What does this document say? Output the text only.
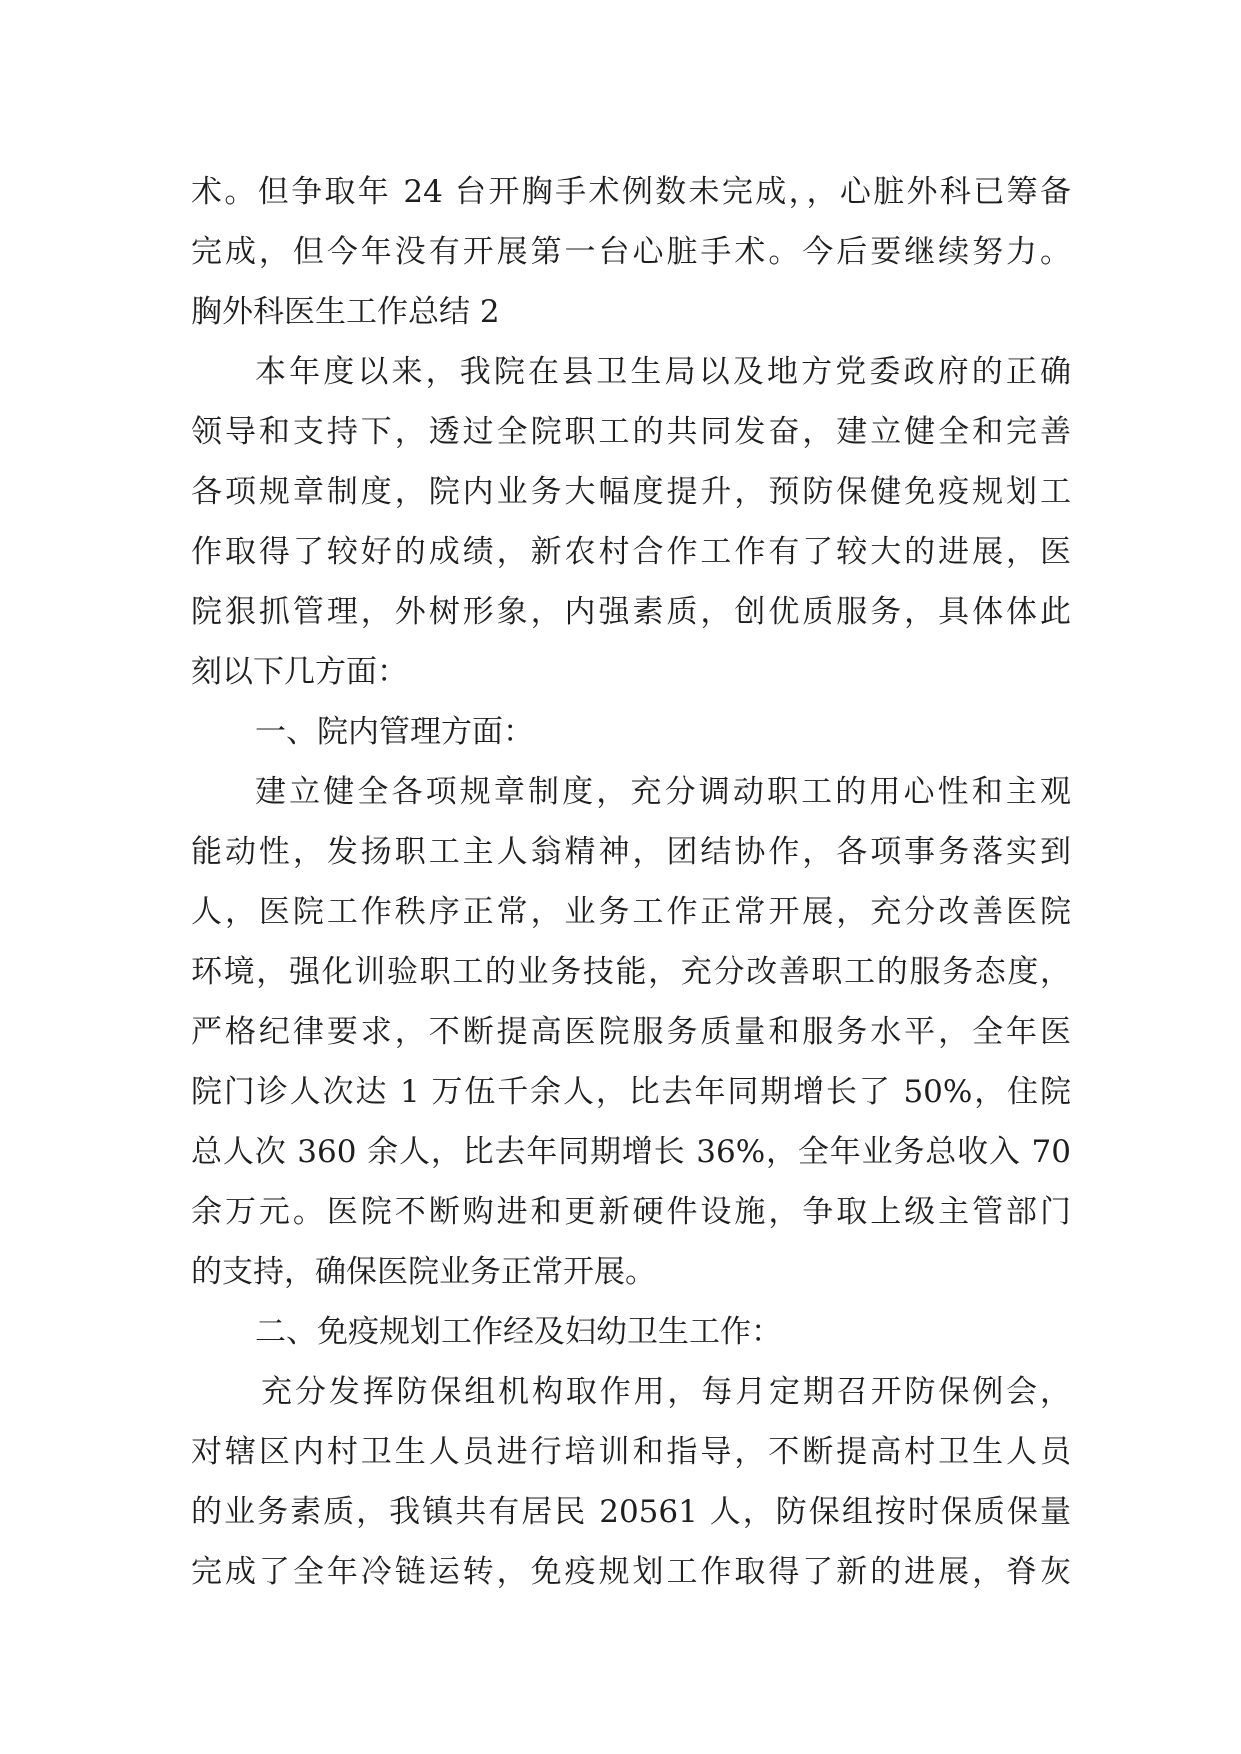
术。但争取年 24 台开胸手术例数未完成，，心脏外科已筹备
完成，但今年没有开展第一台心脏手术。今后要继续努力。
胸外科医生工作总结 2
本年度以来，我院在县卫生局以及地方党委政府的正确
领导和支持下，透过全院职工的共同发奋，建立健全和完善
各项规章制度，院内业务大幅度提升，预防保健免疫规划工
作取得了较好的成绩，新农村合作工作有了较大的进展，医
院狠抓管理，外树形象，内强素质，创优质服务，具体体此
刻以下几方面：
一、院内管理方面：
建立健全各项规章制度，充分调动职工的用心性和主观
能动性，发扬职工主人翁精神，团结协作，各项事务落实到
人，医院工作秩序正常，业务工作正常开展，充分改善医院
环境，强化训验职工的业务技能，充分改善职工的服务态度，
严格纪律要求，不断提高医院服务质量和服务水平，全年医
院门诊人次达 1 万伍千余人，比去年同期增长了 50%，住院
总人次 360 余人，比去年同期增长 36%，全年业务总收入 70
余万元。医院不断购进和更新硬件设施，争取上级主管部门
的支持，确保医院业务正常开展。
二、免疫规划工作经及妇幼卫生工作：
充分发挥防保组机构取作用，每月定期召开防保例会，
对辖区内村卫生人员进行培训和指导，不断提高村卫生人员
的业务素质，我镇共有居民 20561 人，防保组按时保质保量
完成了全年冷链运转，免疫规划工作取得了新的进展，脊灰
